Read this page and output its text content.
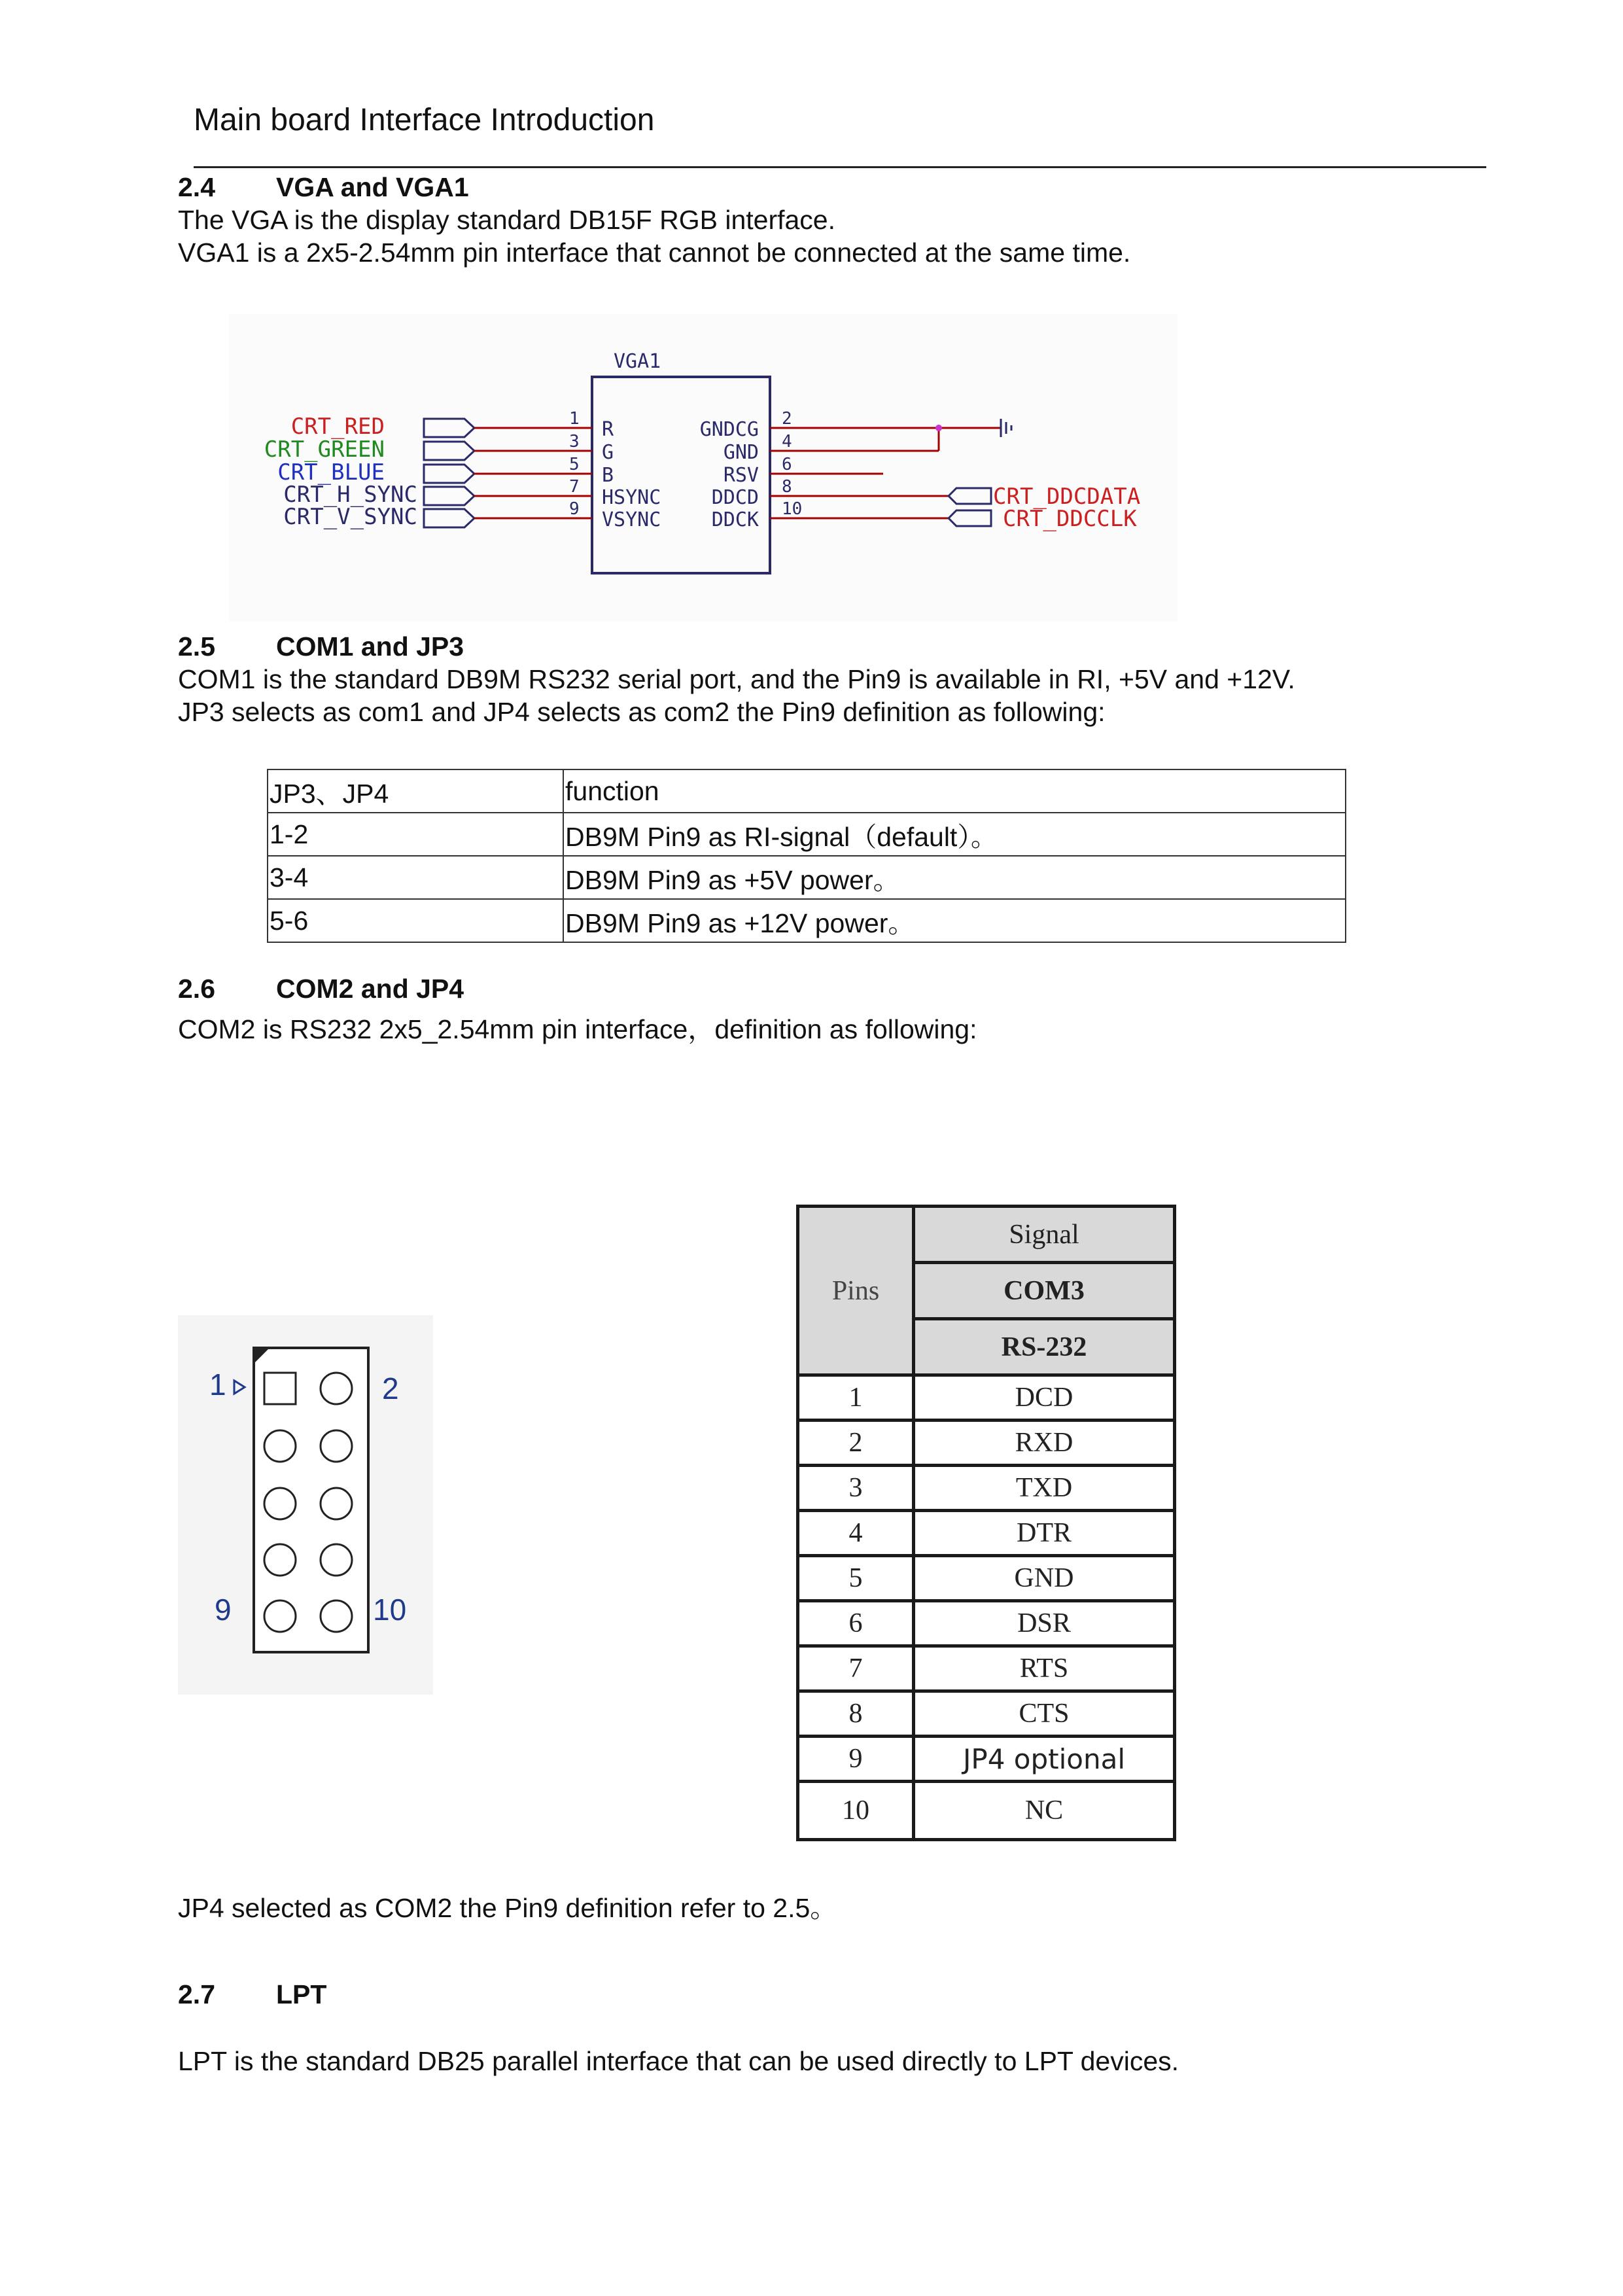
Main board Interface Introduction
2.4 VGA and VGA1
The VGA is the display standard DB15F RGB interface.
VGA1 is a 2x5-2.54mm pin interface that cannot be connected at the same time.
VGA1
CRT_RED
CRT_GREEN
CRT_BLUE
CRT_H_SYNC
CRT_V_SYNC
1
3
5
7
9
R
G
B
HSYNC
VSYNC
GNDCG
GND
RSV
DDCD
DDCK
2
4
6
8
10	CRT_DDCDATA
CRT_DDCCLK
2.5 COM1 and JP3
COM1 is the standard DB9M RS232 serial port, and the Pin9 is available in RI, +5V and +12V.
JP3 selects as com1 and JP4 selects as com2 the Pin9 definition as following:
JP3、JP4	function
1-2	DB9M Pin9 as RI-signal（default）。
3-4	DB9M Pin9 as +5V power。
5-6	DB9M Pin9 as +12V power。
2.6 COM2 and JP4
COM2 is RS232 2x5_2.54mm pin interface，definition as following:
1	2
9	10
Pins	Signal
	COM3
	RS-232
1	DCD
2	RXD
3	TXD
4	DTR
5	GND
6	DSR
7	RTS
8	CTS
9	JP4 optional
10	NC
JP4 selected as COM2 the Pin9 definition refer to 2.5。
2.7 LPT
LPT is the standard DB25 parallel interface that can be used directly to LPT devices.
